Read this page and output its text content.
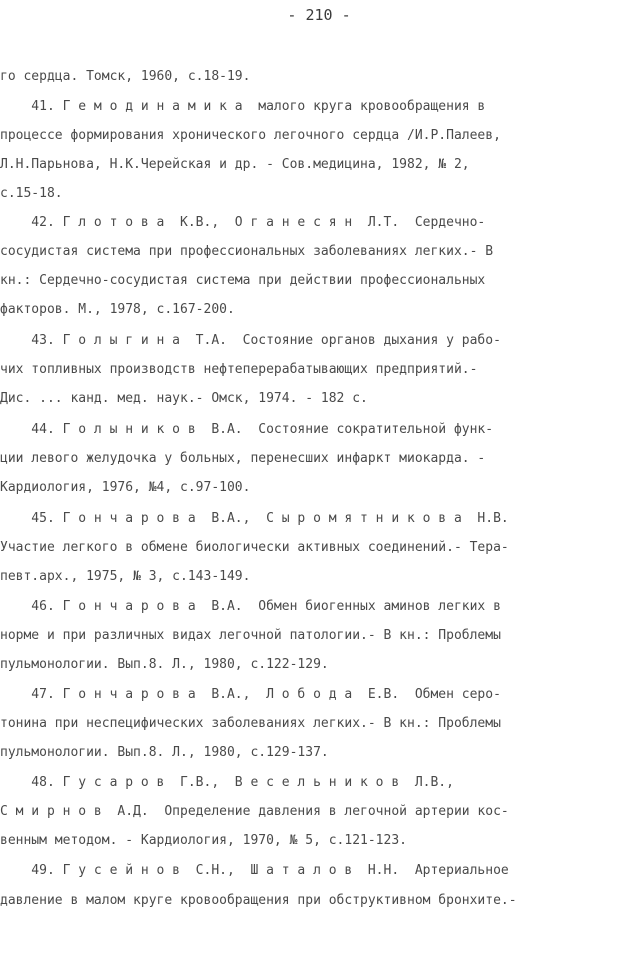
- 210 -
го сердца. Томск, 1960, с.18-19.
41. Г е м о д и н а м и к а  малого круга кровообращения в
процессе формирования хронического легочного сердца /И.Р.Палеев,
Л.Н.Парьнова, Н.К.Черейская и др. - Сов.медицина, 1982, № 2,
с.15-18.
42. Г л о т о в а  К.В.,  О г а н е с я н  Л.Т.  Сердечно-
сосудистая система при профессиональных заболеваниях легких.- В
кн.: Сердечно-сосудистая система при действии профессиональных
факторов. М., 1978, с.167-200.
43. Г о л ы г и н а  Т.А.  Состояние органов дыхания у рабо-
чих топливных производств нефтеперерабатывающих предприятий.-
Дис. ... канд. мед. наук.- Омск, 1974. - 182 с.
44. Г о л ы н и к о в  В.А.  Состояние сократительной функ-
ции левого желудочка у больных, перенесших инфаркт миокарда. -
Кардиология, 1976, №4, с.97-100.
45. Г о н ч а р о в а  В.А.,  С ы р о м я т н и к о в а  Н.В.
Участие легкого в обмене биологически активных соединений.- Тера-
певт.арх., 1975, № 3, с.143-149.
46. Г о н ч а р о в а  В.А.  Обмен биогенных аминов легких в
норме и при различных видах легочной патологии.- В кн.: Проблемы
пульмонологии. Вып.8. Л., 1980, с.122-129.
47. Г о н ч а р о в а  В.А.,  Л о б о д а  Е.В.  Обмен серо-
тонина при неспецифических заболеваниях легких.- В кн.: Проблемы
пульмонологии. Вып.8. Л., 1980, с.129-137.
48. Г у с а р о в  Г.В.,  В е с е л ь н и к о в  Л.В.,
С м и р н о в  А.Д.  Определение давления в легочной артерии кос-
венным методом. - Кардиология, 1970, № 5, с.121-123.
49. Г у с е й н о в  С.Н.,  Ш а т а л о в  Н.Н.  Артериальное
давление в малом круге кровообращения при обструктивном бронхите.-
